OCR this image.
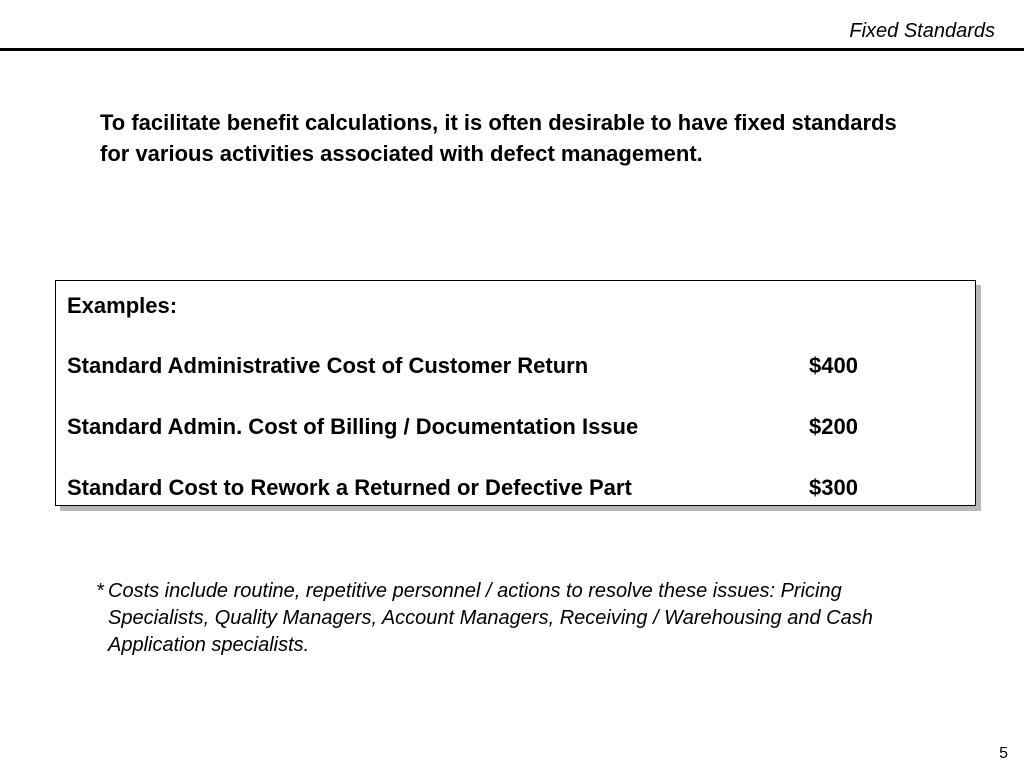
Fixed Standards
To facilitate benefit calculations, it is often desirable to have fixed standards for various activities associated with defect management.
Examples:
Standard Administrative Cost of Customer Return	$400
Standard Admin. Cost of Billing / Documentation Issue	$200
Standard Cost to Rework a Returned or Defective Part	$300
* Costs include routine, repetitive personnel / actions to resolve these issues: Pricing Specialists, Quality Managers, Account Managers, Receiving / Warehousing and Cash Application specialists.
5
